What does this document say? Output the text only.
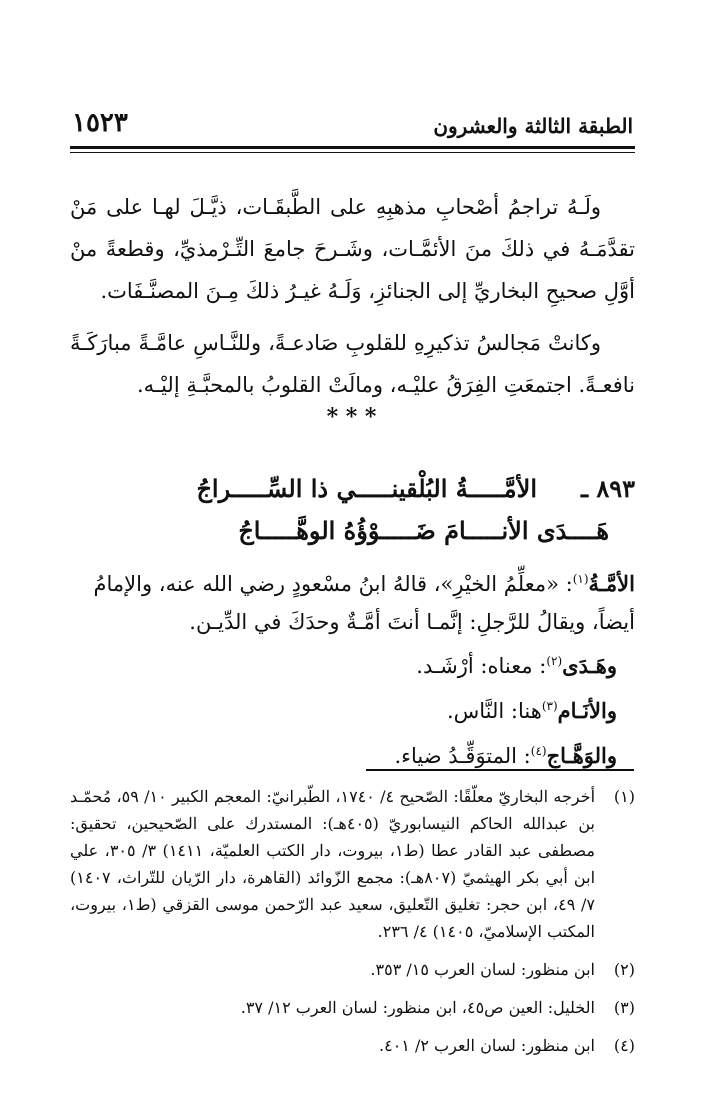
الطبقة الثالثة والعشرون
١٥٢٣

ولَـهُ تراجمُ أصْحابِ مذهبِهِ على الطَّبقَـات، ذيَّـلَ لهـا على مَنْ تقدَّمَـهُ في ذلكَ منَ الأئمَّـات، وشَـرحَ جامعَ التِّـرْمذيِّ، وقطعةً منْ أوَّلِ صحيحِ البخاريِّ إلى الجنائزِ، وَلَـهُ غيـرُ ذلكَ مِـنَ المصنَّـفَات.

وكانتْ مَجالسُ تذكيرِهِ للقلوبِ صَادعـةً، وللنَّـاسِ عامَّـةً مبارَكَـةً نافعـةً. اجتمعَتِ الفِرَقُ عليْـه، ومالَتْ القلوبُ بالمحبَّـةِ إليْـه.

* * *
٨٩٣ ـالأمَّـــــةُ البُلْقينـــــي ذا السِّـــــراجُ
هَــــدَى الأنـــــامَ ضَـــــوْؤُهُ الوهَّـــــاجُ

الأمَّـةُ$^{(١)}$: «معلِّمُ الخيْرِ»، قالهُ ابنُ مسْعودٍ رضي الله عنه، والإمامُ أيضاً، ويقالُ للرَّجلِ: إنَّمـا أنتَ أمَّـةٌ وحدَكَ في الدِّيـن.

وهَـدَى$^{(٢)}$: معناه: أرْشَـد.

والأنَـام$^{(٣)}$هنا: النَّاس.

والوَهَّـاج$^{(٤)}$: المتوَقِّـدُ ضياء.

(١)
أخرجه البخاريّ معلّقًا: الصّحيح ٤/ ١٧٤٠، الطّبرانيّ: المعجم الكبير ١٠/ ٥٩، مُحمّـد بن عبدالله الحاكم النيسابوريّ (٤٠٥هـ): المستدرك على الصّحيحين، تحقيق: مصطفى عبد القادر عطا (ط١، بيروت، دار الكتب العلميّة، ١٤١١) ٣/ ٣٠٥، علي ابن أبي بكر الهيثميّ (٨٠٧هـ): مجمع الزّوائد (القاهرة، دار الرّيان للتّراث، ١٤٠٧) ٧/ ٤٩، ابن حجر: تغليق التّعليق، سعيد عبد الرّحمن موسى القزقي (ط١، بيروت، المكتب الإسلاميّ، ١٤٠٥) ٤/ ٢٣٦.

(٢)
ابن منظور: لسان العرب ١٥/ ٣٥٣.

(٣)
الخليل: العين ص٤٥، ابن منظور: لسان العرب ١٢/ ٣٧.

(٤)
ابن منظور: لسان العرب ٢/ ٤٠١.
